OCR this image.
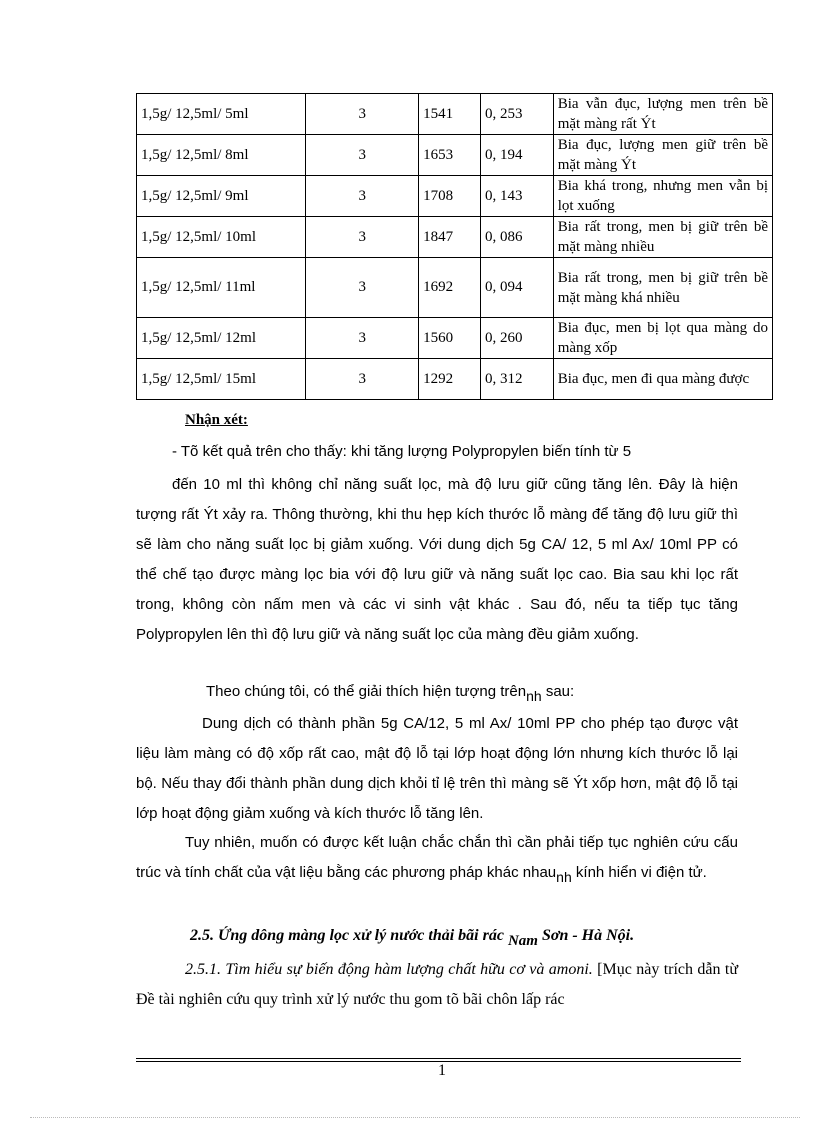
1,5g/ 12,5ml/ 5ml	3	1541	0, 253	Bia vẫn đục, lượng men trên bề mặt màng rất Ýt
1,5g/ 12,5ml/ 8ml	3	1653	0, 194	Bia đục, lượng men giữ trên bề mặt màng Ýt
1,5g/ 12,5ml/ 9ml	3	1708	0, 143	Bia khá trong, nhưng men vẫn bị lọt xuống
1,5g/ 12,5ml/ 10ml	3	1847	0, 086	Bia rất trong, men bị giữ trên bề mặt màng nhiều
1,5g/ 12,5ml/ 11ml	3	1692	0, 094	Bia rất trong, men bị giữ trên bề mặt màng khá nhiều
1,5g/ 12,5ml/ 12ml	3	1560	0, 260	Bia đục, men bị lọt qua màng do màng xốp
1,5g/ 12,5ml/ 15ml	3	1292	0, 312	Bia đục, men đi qua màng được

Nhận xét:

- Tõ kết quả trên cho thấy: khi tăng lượng Polypropylen biến tính từ 5

đến 10 ml thì không chỉ năng suất lọc, mà độ lưu giữ cũng tăng lên. Đây là hiện tượng rất Ýt xảy ra. Thông thường, khi thu hẹp kích thước lỗ màng để tăng độ lưu giữ thì sẽ làm cho năng suất lọc bị giảm xuống. Với dung dịch 5g CA/ 12, 5 ml Ax/ 10ml PP có thể chế tạo được màng lọc bia với độ lưu giữ và năng suất lọc cao. Bia sau khi lọc rất trong, không còn nấm men và các vi sinh vật khác . Sau đó, nếu ta tiếp tục tăng Polypropylen lên thì độ lưu giữ và năng suất lọc của màng đều giảm xuống.

Theo chúng tôi, có thể giải thích hiện tượng trênnh sau:

Dung dịch có thành phần 5g CA/12, 5 ml Ax/ 10ml PP cho phép tạo được vật liệu làm màng có độ xốp rất cao, mật độ lỗ tại lớp hoạt động lớn nhưng kích thước lỗ lại bộ. Nếu thay đổi thành phần dung dịch khỏi tỉ lệ trên thì màng sẽ Ýt xốp hơn, mật độ lỗ tại lớp hoạt động giảm xuống và kích thước lỗ tăng lên.

Tuy nhiên, muốn có được kết luận chắc chắn thì cần phải tiếp tục nghiên cứu cấu trúc và tính chất của vật liệu bằng các phương pháp khác nhaunh kính hiển vi điện tử.

2.5. Ứng dông màng lọc xử lý nước thải bãi rác Nam Sơn - Hà Nội.

2.5.1. Tìm hiểu sự biến động hàm lượng chất hữu cơ và amoni. [Mục này trích dẫn từ Đề tài nghiên cứu quy trình xử lý nước thu gom tõ bãi chôn lấp rác

1
